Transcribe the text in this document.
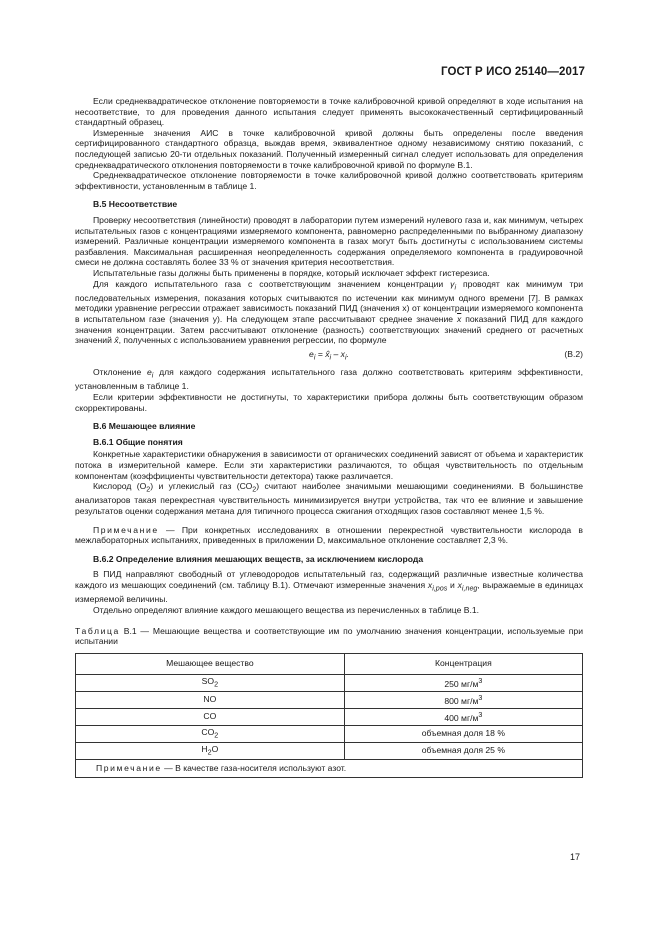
ГОСТ Р ИСО 25140—2017

Если среднеквадратическое отклонение повторяемости в точке калибровочной кривой определяют в ходе испытания на несоответствие, то для проведения данного испытания следует применять высококачественный сертифицированный стандартный образец.

Измеренные значения АИС в точке калибровочной кривой должны быть определены после введения сертифицированного стандартного образца, выждав время, эквивалентное одному независимому снятию показаний, с последующей записью 20-ти отдельных показаний. Полученный измеренный сигнал следует использовать для определения среднеквадратического отклонения повторяемости в точке калибровочной кривой по формуле В.1.

Среднеквадратическое отклонение повторяемости в точке калибровочной кривой должно соответствовать критериям эффективности, установленным в таблице 1.

В.5 Несоответствие

Проверку несоответствия (линейности) проводят в лаборатории путем измерений нулевого газа и, как минимум, четырех испытательных газов с концентрациями измеряемого компонента, равномерно распределенными по выбранному диапазону измерений. Различные концентрации измеряемого компонента в газах могут быть достигнуты с использованием системы разбавления. Максимальная расширенная неопределенность содержания определяемого компонента в градуировочной смеси не должна составлять более 33 % от значения критерия несоответствия.

Испытательные газы должны быть применены в порядке, который исключает эффект гистерезиса.

Для каждого испытательного газа с соответствующим значением концентрации $\gamma_i$ проводят как минимум три последовательных измерения, показания которых считываются по истечении как минимум одного времени [7]. В рамках методики уравнение регрессии отражает зависимость показаний ПИД (значения x) от концентрации измеряемого компонента в испытательном газе (значения y). На следующем этапе рассчитывают среднее значение $\overline{x}$ показаний ПИД для каждого значения концентрации. Затем рассчитывают отклонение (разность) соответствующих значений среднего от расчетных значений x̂, полученных с использованием уравнения регрессии, по формуле

$e_i$ = $x̂_i - x_i$.	(В.2)

Отклонение $e_i$ для каждого содержания испытательного газа должно соответствовать критериям эффективности, установленным в таблице 1.

Если критерии эффективности не достигнуты, то характеристики прибора должны быть соответствующим образом скорректированы.

В.6 Мешающее влияние

В.6.1 Общие понятия

Конкретные характеристики обнаружения в зависимости от органических соединений зависят от объема и характеристик потока в измерительной камере. Если эти характеристики различаются, то общая чувствительность по отдельным компонентам (коэффициенты чувствительности детектора) также различается.

Кислород $(О_2)$ и углекислый газ $(СО_2)$ считают наиболее значимыми мешающими соединениями. В большинстве анализаторов такая перекрестная чувствительность минимизируется внутри устройства, так что ее влияние и завышение результатов оценки содержания метана для типичного процесса сжигания отходящих газов составляют менее 1,5 %.

Примечание — При конкретных исследованиях в отношении перекрестной чувствительности кислорода в межлабораторных испытаниях, приведенных в приложении D, максимальное отклонение составляет 2,3 %.

В.6.2 Определение влияния мешающих веществ, за исключением кислорода

В ПИД направляют свободный от углеводородов испытательный газ, содержащий различные известные количества каждого из мешающих соединений (см. таблицу В.1). Отмечают измеренные значения $x_{i,pos}$ и $x_{i,neg}$, выражаемые в единицах измеряемой величины.

Отдельно определяют влияние каждого мешающего вещества из перечисленных в таблице В.1.

Таблица В.1 — Мешающие вещества и соответствующие им по умолчанию значения концентрации, используемые при испытании

Мешающее вещество	Концентрация
$SO_2$	250 $мг/м^3$
NO	800 $мг/м^3$
CO	400 $мг/м^3$
$CO_2$	объемная доля 18 %
$H_2O$	объемная доля 25 %
Примечание — В качестве газа-носителя используют азот.	
17
